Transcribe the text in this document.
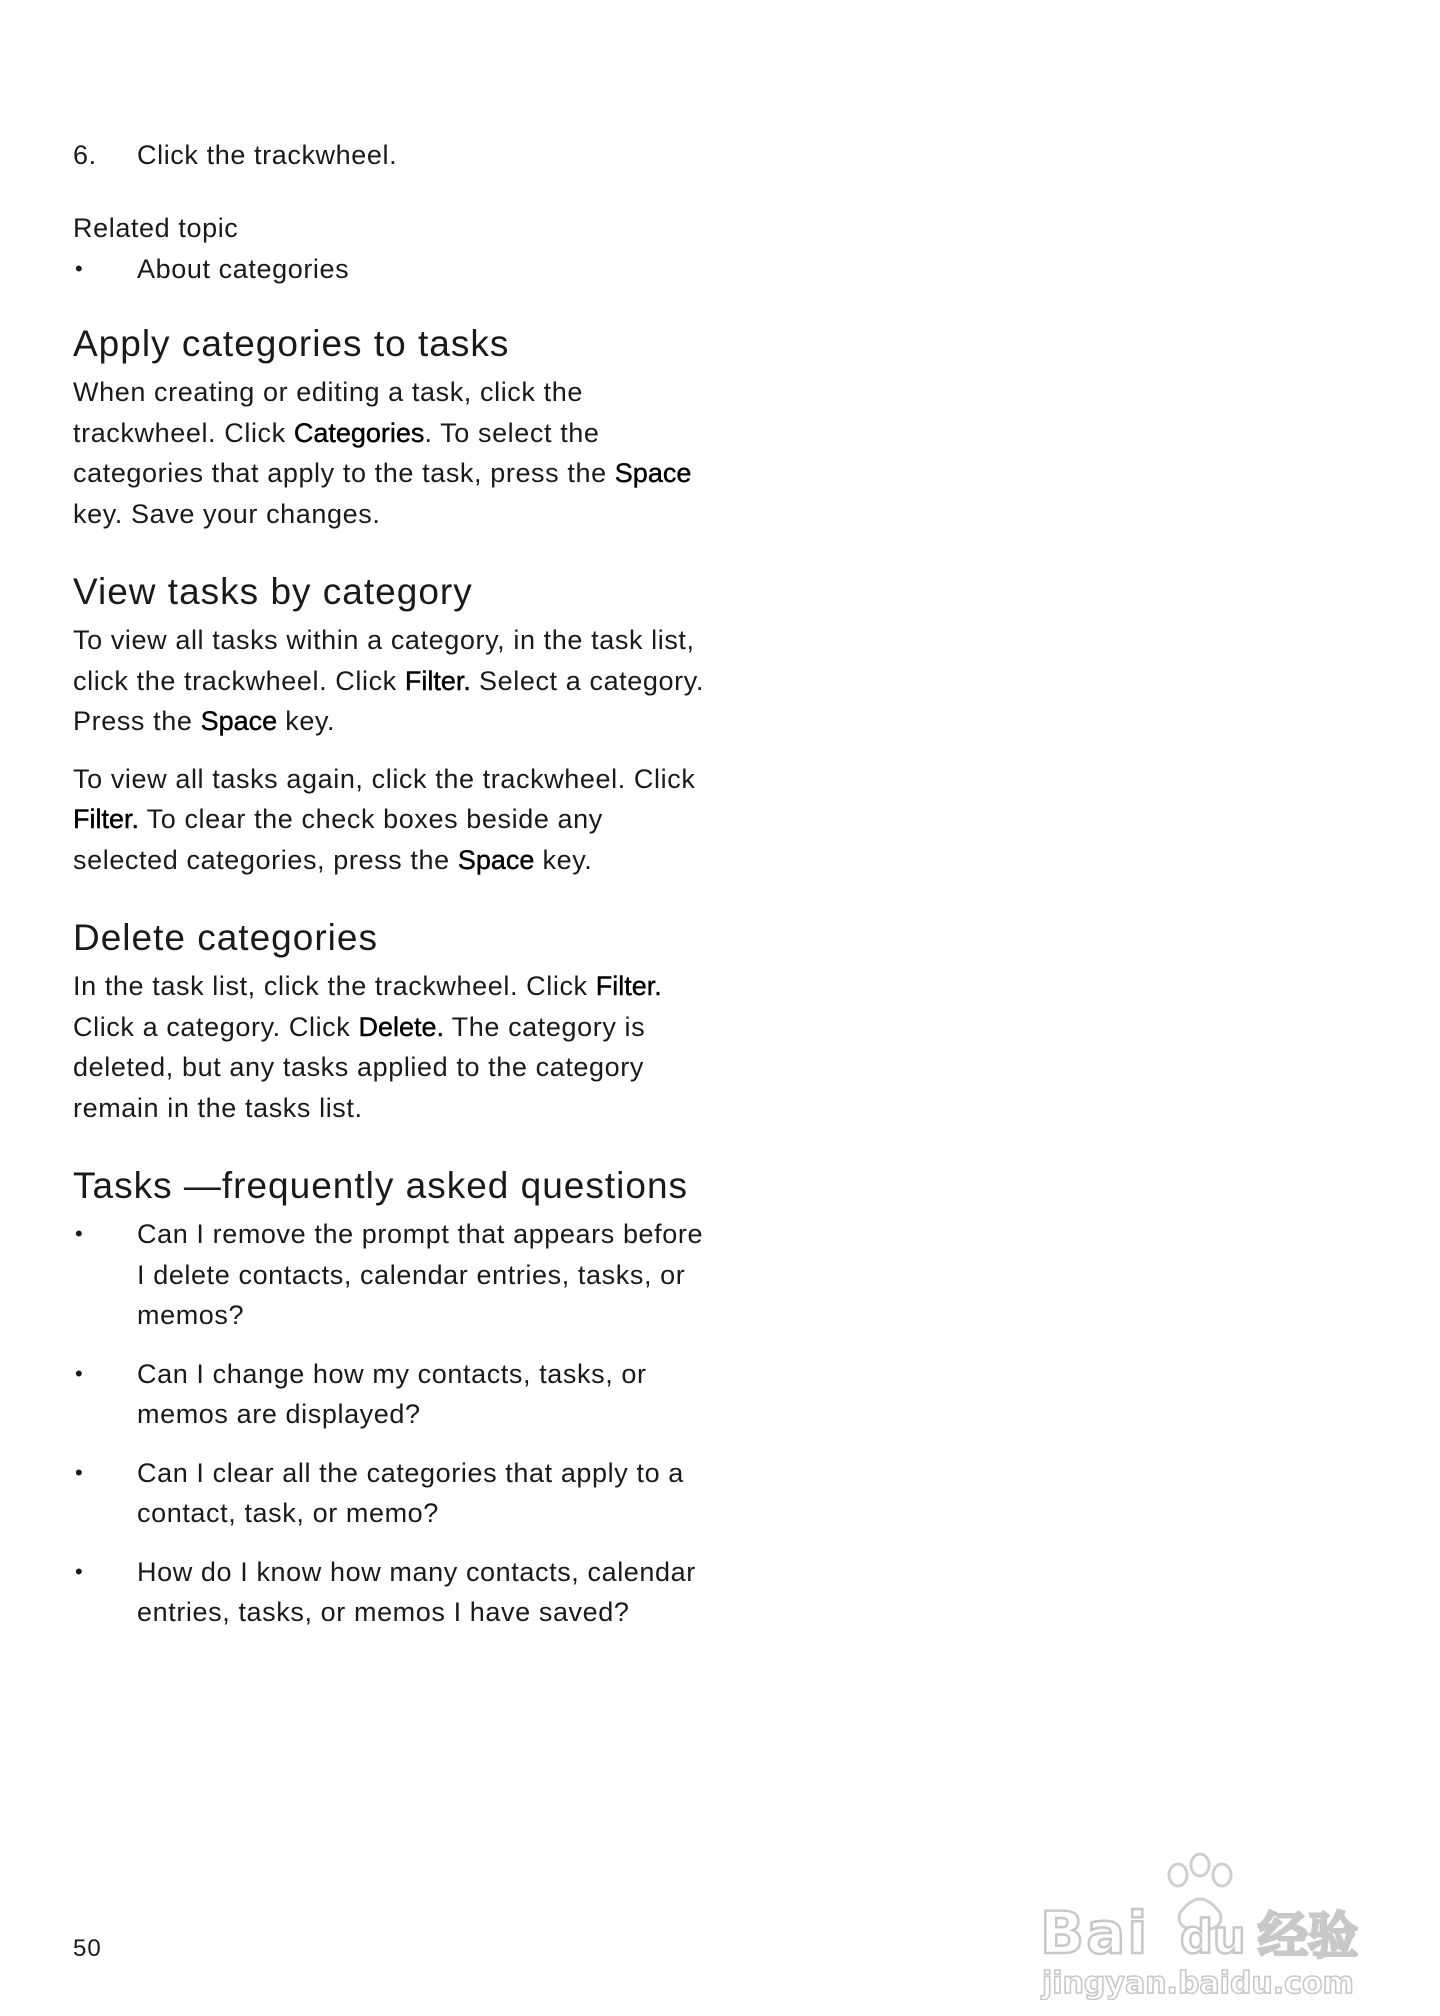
6.	Click the trackwheel.
Related topic
•	About categories
Apply categories to tasks

When creating or editing a task, click the trackwheel. Click Categories. To select the categories that apply to the task, press the Space key. Save your changes.

View tasks by category

To view all tasks within a category, in the task list, click the trackwheel. Click Filter. Select a category. Press the Space key.

To view all tasks again, click the trackwheel. Click Filter. To clear the check boxes beside any selected categories, press the Space key.

Delete categories

In the task list, click the trackwheel. Click Filter. Click a category. Click Delete. The category is deleted, but any tasks applied to the category remain in the tasks list.

Tasks —frequently asked questions
•	Can I remove the prompt that appears before I delete contacts, calendar entries, tasks, or memos?
•	Can I change how my contacts, tasks, or memos are displayed?
•	Can I clear all the categories that apply to a contact, task, or memo?
•	How do I know how many contacts, calendar entries, tasks, or memos I have saved?
50	Bai du 经验
jingyan.baidu.com
